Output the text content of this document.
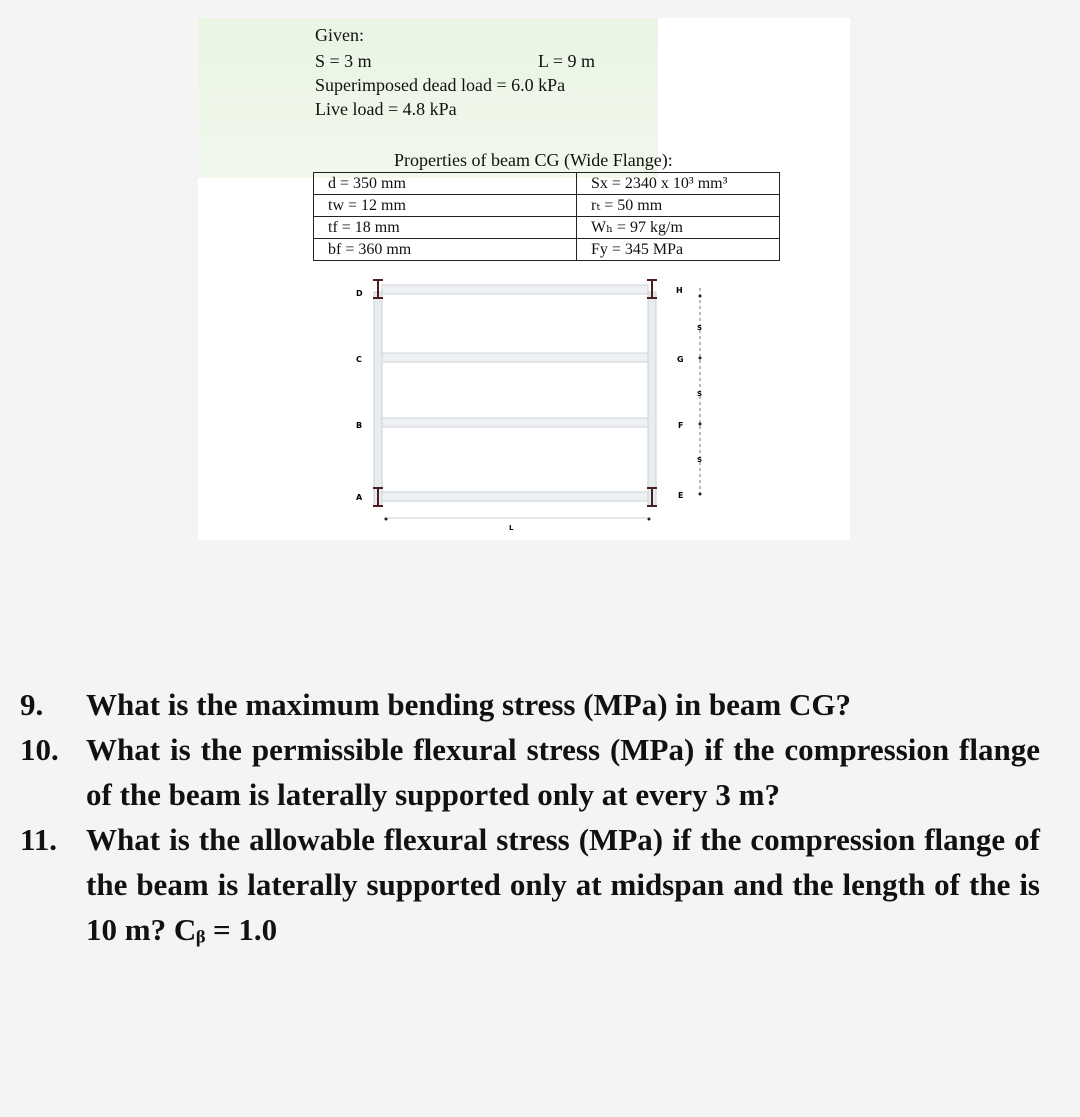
Given:
S = 3 m	L = 9 m
Superimposed dead load = 6.0 kPa
Live load = 4.8 kPa
Properties of beam CG (Wide Flange):
d = 350 mm	Sx = 2340 x 10³ mm³
tw = 12 mm	rₜ = 50 mm
tf = 18 mm	Wₕ = 97 kg/m
bf = 360 mm	Fy = 345 MPa
D
C
B
A
H
G
F
E
S
S
S
L
9.	What is the maximum bending stress (MPa) in beam CG?
10. What is the permissible flexural stress (MPa) if the compression flange of the beam is laterally supported only at every 3 m?
11. What is the allowable flexural stress (MPa) if the compression flange of the beam is laterally supported only at midspan and the length of the is 10 m? Cᵦ = 1.0
